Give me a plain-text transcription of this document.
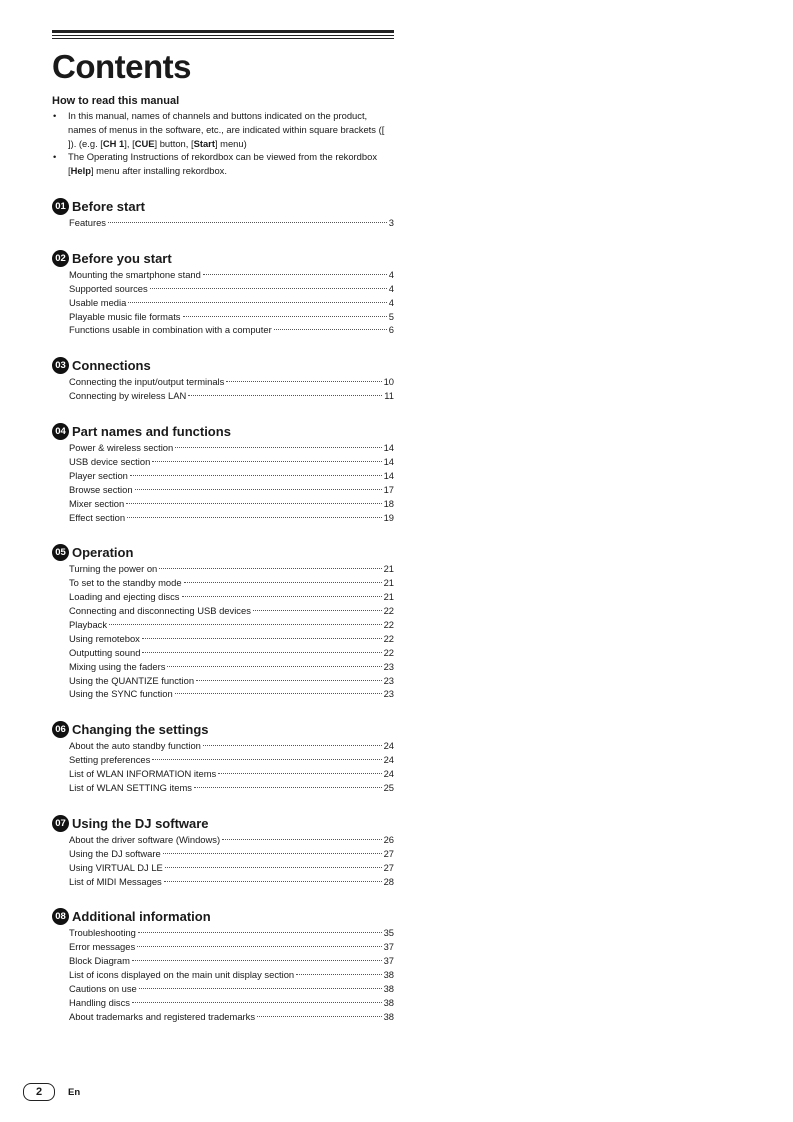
Contents
How to read this manual
• In this manual, names of channels and buttons indicated on the product, names of menus in the software, etc., are indicated within square brackets ([ ]). (e.g. [CH 1], [CUE] button, [Start] menu)
• The Operating Instructions of rekordbox can be viewed from the rekordbox [Help] menu after installing rekordbox.
01 Before start
Features	3
02 Before you start
Mounting the smartphone stand	4
Supported sources	4
Usable media	4
Playable music file formats	5
Functions usable in combination with a computer	6
03 Connections
Connecting the input/output terminals	10
Connecting by wireless LAN	11
04 Part names and functions
Power & wireless section	14
USB device section	14
Player section	14
Browse section	17
Mixer section	18
Effect section	19
05 Operation
Turning the power on	21
To set to the standby mode	21
Loading and ejecting discs	21
Connecting and disconnecting USB devices	22
Playback	22
Using remotebox	22
Outputting sound	22
Mixing using the faders	23
Using the QUANTIZE function	23
Using the SYNC function	23
06 Changing the settings
About the auto standby function	24
Setting preferences	24
List of WLAN INFORMATION items	24
List of WLAN SETTING items	25
07 Using the DJ software
About the driver software (Windows)	26
Using the DJ software	27
Using VIRTUAL DJ LE	27
List of MIDI Messages	28
08 Additional information
Troubleshooting	35
Error messages	37
Block Diagram	37
List of icons displayed on the main unit display section	38
Cautions on use	38
Handling discs	38
About trademarks and registered trademarks	38
2	En
